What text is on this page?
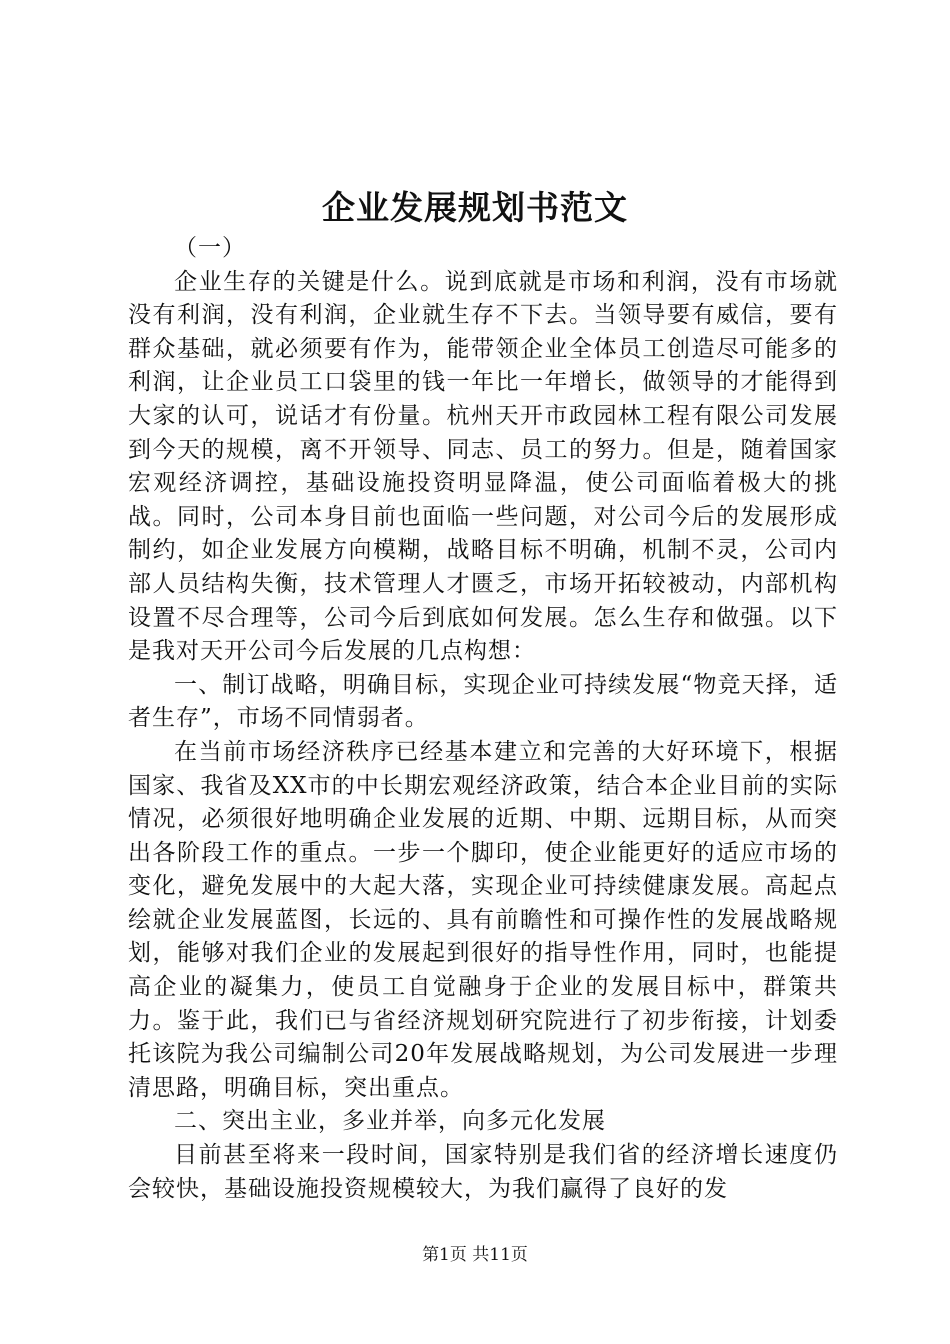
企业发展规划书范文

（一）

企业生存的关键是什么。说到底就是市场和利润，没有市场就没有利润，没有利润，企业就生存不下去。当领导要有威信，要有群众基础，就必须要有作为，能带领企业全体员工创造尽可能多的利润，让企业员工口袋里的钱一年比一年增长，做领导的才能得到大家的认可，说话才有份量。杭州天开市政园林工程有限公司发展到今天的规模，离不开领导、同志、员工的努力。但是，随着国家宏观经济调控，基础设施投资明显降温，使公司面临着极大的挑战。同时，公司本身目前也面临一些问题，对公司今后的发展形成制约，如企业发展方向模糊，战略目标不明确，机制不灵，公司内部人员结构失衡，技术管理人才匮乏，市场开拓较被动，内部机构设置不尽合理等，公司今后到底如何发展。怎么生存和做强。以下是我对天开公司今后发展的几点构想：

一、制订战略，明确目标，实现企业可持续发展“物竞天择，适者生存”，市场不同情弱者。

在当前市场经济秩序已经基本建立和完善的大好环境下，根据国家、我省及XX市的中长期宏观经济政策，结合本企业目前的实际情况，必须很好地明确企业发展的近期、中期、远期目标，从而突出各阶段工作的重点。一步一个脚印，使企业能更好的适应市场的变化，避免发展中的大起大落，实现企业可持续健康发展。高起点绘就企业发展蓝图，长远的、具有前瞻性和可操作性的发展战略规划，能够对我们企业的发展起到很好的指导性作用，同时，也能提高企业的凝集力，使员工自觉融身于企业的发展目标中，群策共力。鉴于此，我们已与省经济规划研究院进行了初步衔接，计划委托该院为我公司编制公司20年发展战略规划，为公司发展进一步理清思路，明确目标，突出重点。

二、突出主业，多业并举，向多元化发展

目前甚至将来一段时间，国家特别是我们省的经济增长速度仍会较快，基础设施投资规模较大，为我们赢得了良好的发

第1页 共11页
